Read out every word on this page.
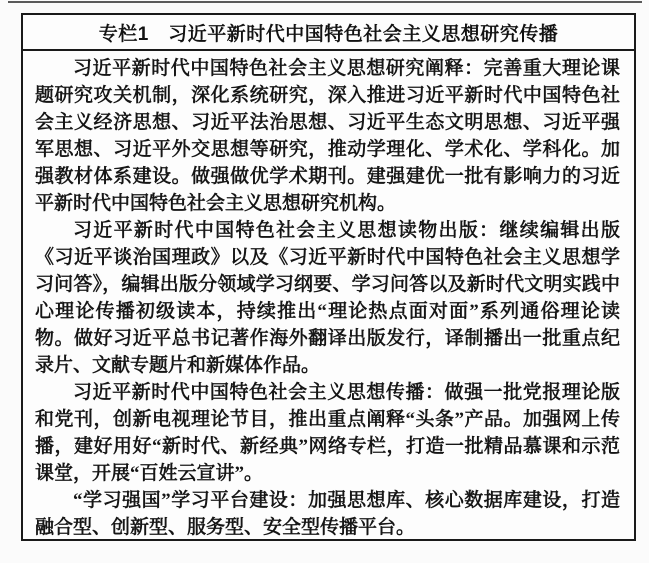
专栏1　习近平新时代中国特色社会主义思想研究传播

习近平新时代中国特色社会主义思想研究阐释：完善重大理论课题研究攻关机制，深化系统研究，深入推进习近平新时代中国特色社会主义经济思想、习近平法治思想、习近平生态文明思想、习近平强军思想、习近平外交思想等研究，推动学理化、学术化、学科化。加强教材体系建设。做强做优学术期刊。建强建优一批有影响力的习近平新时代中国特色社会主义思想研究机构。

习近平新时代中国特色社会主义思想读物出版：继续编辑出版《习近平谈治国理政》以及《习近平新时代中国特色社会主义思想学习问答》，编辑出版分领域学习纲要、学习问答以及新时代文明实践中心理论传播初级读本，持续推出“理论热点面对面”系列通俗理论读物。做好习近平总书记著作海外翻译出版发行，译制播出一批重点纪录片、文献专题片和新媒体作品。

习近平新时代中国特色社会主义思想传播：做强一批党报理论版和党刊，创新电视理论节目，推出重点阐释“头条”产品。加强网上传播，建好用好“新时代、新经典”网络专栏，打造一批精品慕课和示范课堂，开展“百姓云宣讲”。

“学习强国”学习平台建设：加强思想库、核心数据库建设，打造融合型、创新型、服务型、安全型传播平台。
